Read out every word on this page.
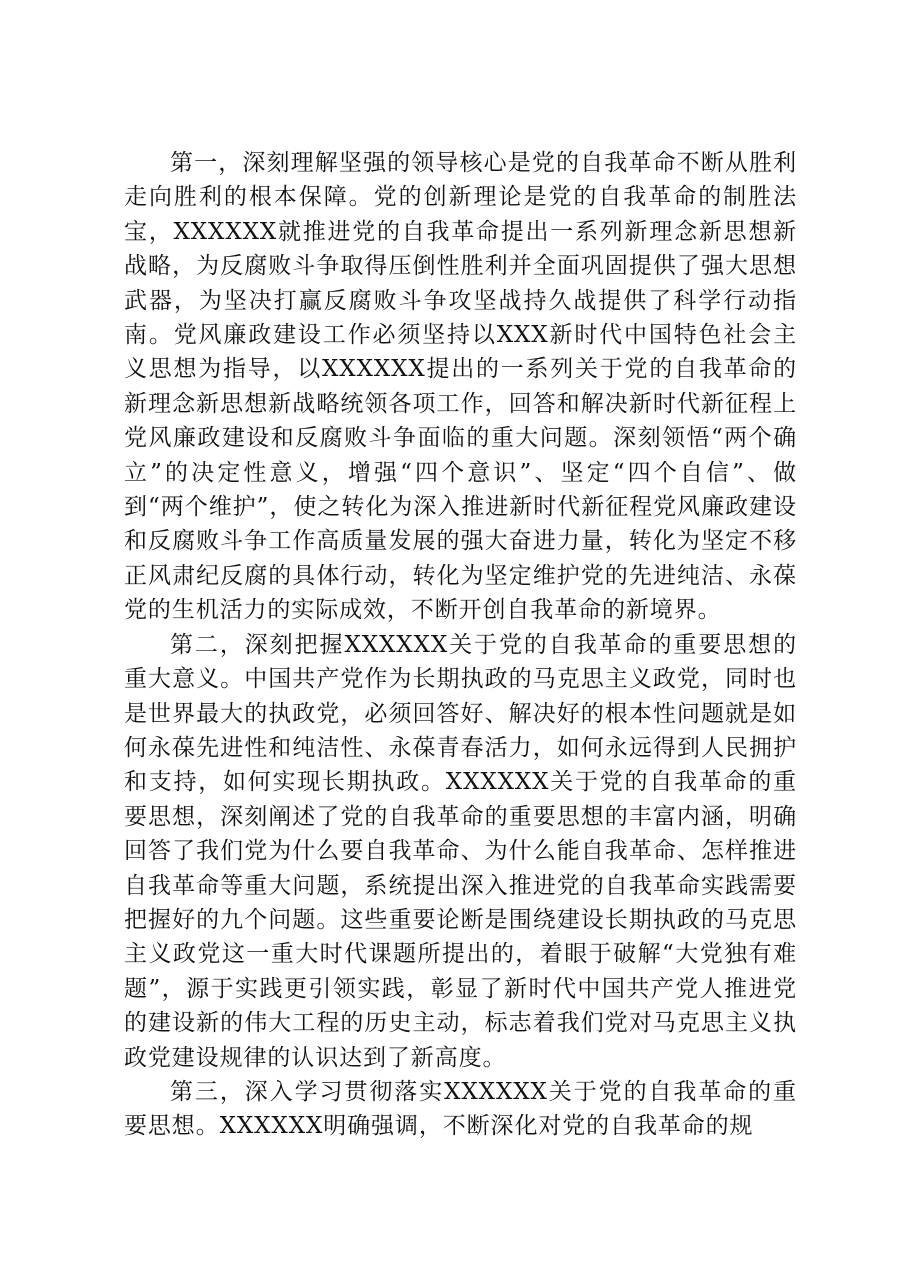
第一，深刻理解坚强的领导核心是党的自我革命不断从胜利走向胜利的根本保障。党的创新理论是党的自我革命的制胜法宝，XXXXXX就推进党的自我革命提出一系列新理念新思想新战略，为反腐败斗争取得压倒性胜利并全面巩固提供了强大思想武器，为坚决打赢反腐败斗争攻坚战持久战提供了科学行动指南。党风廉政建设工作必须坚持以XXX新时代中国特色社会主义思想为指导，以XXXXXX提出的一系列关于党的自我革命的新理念新思想新战略统领各项工作，回答和解决新时代新征程上党风廉政建设和反腐败斗争面临的重大问题。深刻领悟“两个确立”的决定性意义，增强“四个意识”、坚定“四个自信”、做到“两个维护”，使之转化为深入推进新时代新征程党风廉政建设和反腐败斗争工作高质量发展的强大奋进力量，转化为坚定不移正风肃纪反腐的具体行动，转化为坚定维护党的先进纯洁、永葆党的生机活力的实际成效，不断开创自我革命的新境界。

第二，深刻把握XXXXXX关于党的自我革命的重要思想的重大意义。中国共产党作为长期执政的马克思主义政党，同时也是世界最大的执政党，必须回答好、解决好的根本性问题就是如何永葆先进性和纯洁性、永葆青春活力，如何永远得到人民拥护和支持，如何实现长期执政。XXXXXX关于党的自我革命的重要思想，深刻阐述了党的自我革命的重要思想的丰富内涵，明确回答了我们党为什么要自我革命、为什么能自我革命、怎样推进自我革命等重大问题，系统提出深入推进党的自我革命实践需要把握好的九个问题。这些重要论断是围绕建设长期执政的马克思主义政党这一重大时代课题所提出的，着眼于破解“大党独有难题”，源于实践更引领实践，彰显了新时代中国共产党人推进党的建设新的伟大工程的历史主动，标志着我们党对马克思主义执政党建设规律的认识达到了新高度。

第三，深入学习贯彻落实XXXXXX关于党的自我革命的重要思想。XXXXXX明确强调，不断深化对党的自我革命的规
